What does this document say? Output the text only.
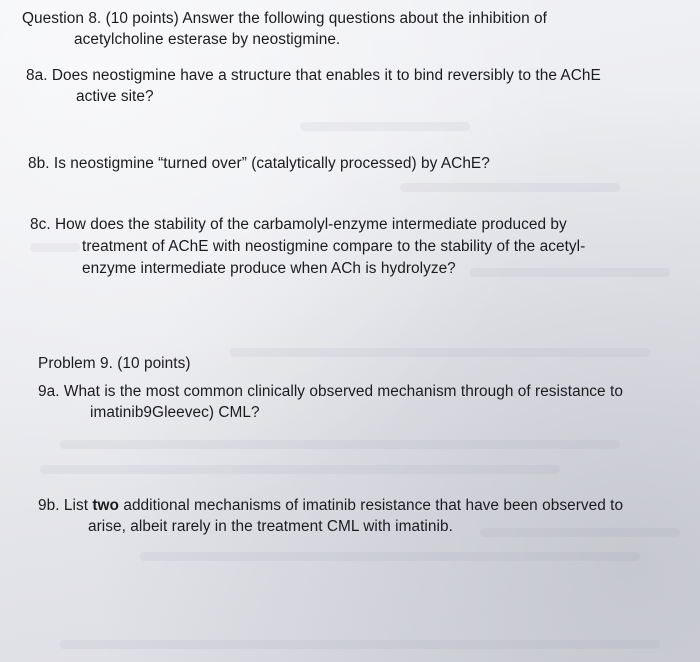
Question 8. (10 points) Answer the following questions about the inhibition of
acetylcholine esterase by neostigmine.
8a. Does neostigmine have a structure that enables it to bind reversibly to the AChE
active site?
8b. Is neostigmine “turned over” (catalytically processed) by AChE?
8c. How does the stability of the carbamolyl-enzyme intermediate produced by
treatment of AChE with neostigmine compare to the stability of the acetyl-
enzyme intermediate produce when ACh is hydrolyze?
Problem 9. (10 points)
9a. What is the most common clinically observed mechanism through of resistance to
imatinib9Gleevec) CML?
9b. List two additional mechanisms of imatinib resistance that have been observed to
arise, albeit rarely in the treatment CML with imatinib.
